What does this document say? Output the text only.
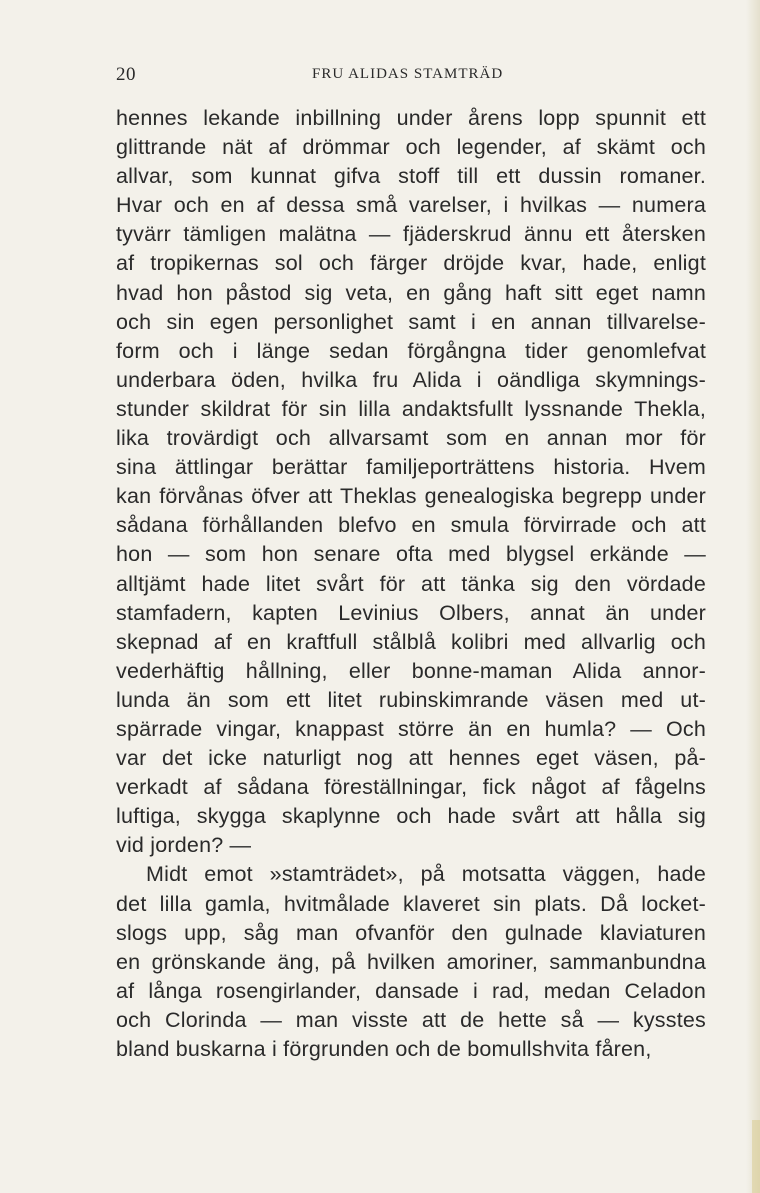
20	FRU ALIDAS STAMTRÄD
hennes lekande inbillning under årens lopp spunnit ett
glittrande nät af drömmar och legender, af skämt och
allvar, som kunnat gifva stoff till ett dussin romaner.
Hvar och en af dessa små varelser, i hvilkas — numera
tyvärr tämligen malätna — fjäderskrud ännu ett återsken
af tropikernas sol och färger dröjde kvar, hade, enligt
hvad hon påstod sig veta, en gång haft sitt eget namn
och sin egen personlighet samt i en annan tillvarelse-
form och i länge sedan förgångna tider genomlefvat
underbara öden, hvilka fru Alida i oändliga skymnings-
stunder skildrat för sin lilla andaktsfullt lyssnande Thekla,
lika trovärdigt och allvarsamt som en annan mor för
sina ättlingar berättar familjeporträttens historia. Hvem
kan förvånas öfver att Theklas genealogiska begrepp under
sådana förhållanden blefvo en smula förvirrade och att
hon — som hon senare ofta med blygsel erkände —
alltjämt hade litet svårt för att tänka sig den vördade
stamfadern, kapten Levinius Olbers, annat än under
skepnad af en kraftfull stålblå kolibri med allvarlig och
vederhäftig hållning, eller bonne-maman Alida annor-
lunda än som ett litet rubinskimrande väsen med ut-
spärrade vingar, knappast större än en humla? — Och
var det icke naturligt nog att hennes eget väsen, på-
verkadt af sådana föreställningar, fick något af fågelns
luftiga, skygga skaplynne och hade svårt att hålla sig
vid jorden? —
Midt emot »stamträdet», på motsatta väggen, hade
det lilla gamla, hvitmålade klaveret sin plats. Då locket-
slogs upp, såg man ofvanför den gulnade klaviaturen
en grönskande äng, på hvilken amoriner, sammanbundna
af långa rosengirlander, dansade i rad, medan Celadon
och Clorinda — man visste att de hette så — kysstes
bland buskarna i förgrunden och de bomullshvita fåren,
